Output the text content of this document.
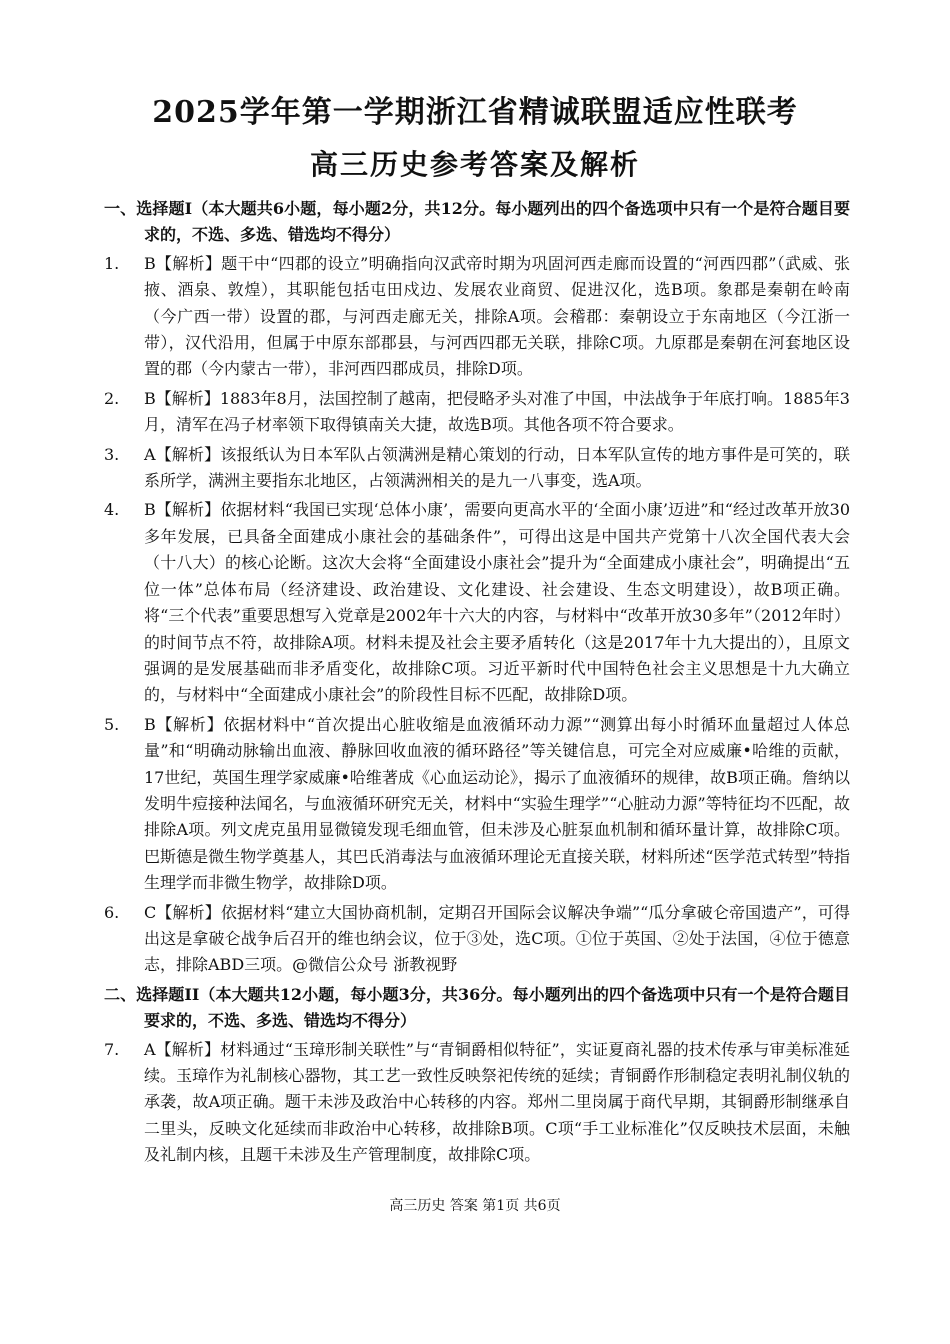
2025学年第一学期浙江省精诚联盟适应性联考
高三历史参考答案及解析
一、选择题I（本大题共6小题，每小题2分，共12分。每小题列出的四个备选项中只有一个是符合题目要求的，不选、多选、错选均不得分）
1.	B【解析】题干中“四郡的设立”明确指向汉武帝时期为巩固河西走廊而设置的“河西四郡”（武威、张掖、酒泉、敦煌），其职能包括屯田戍边、发展农业商贸、促进汉化，选B项。象郡是秦朝在岭南（今广西一带）设置的郡，与河西走廊无关，排除A项。会稽郡：秦朝设立于东南地区（今江浙一带），汉代沿用，但属于中原东部郡县，与河西四郡无关联，排除C项。九原郡是秦朝在河套地区设置的郡（今内蒙古一带），非河西四郡成员，排除D项。
2.	B【解析】1883年8月，法国控制了越南，把侵略矛头对准了中国，中法战争于年底打响。1885年3月，清军在冯子材率领下取得镇南关大捷，故选B项。其他各项不符合要求。
3.	A【解析】该报纸认为日本军队占领满洲是精心策划的行动，日本军队宣传的地方事件是可笑的，联系所学，满洲主要指东北地区，占领满洲相关的是九一八事变，选A项。
4.	B【解析】依据材料“我国已实现‘总体小康’，需要向更高水平的‘全面小康’迈进”和“经过改革开放30多年发展，已具备全面建成小康社会的基础条件”，可得出这是中国共产党第十八次全国代表大会（十八大）的核心论断。这次大会将“全面建设小康社会”提升为“全面建成小康社会”，明确提出“五位一体”总体布局（经济建设、政治建设、文化建设、社会建设、生态文明建设），故B项正确。将“三个代表”重要思想写入党章是2002年十六大的内容，与材料中“改革开放30多年”（2012年时）的时间节点不符，故排除A项。材料未提及社会主要矛盾转化（这是2017年十九大提出的），且原文强调的是发展基础而非矛盾变化，故排除C项。习近平新时代中国特色社会主义思想是十九大确立的，与材料中“全面建成小康社会”的阶段性目标不匹配，故排除D项。
5.	B【解析】依据材料中“首次提出心脏收缩是血液循环动力源”“测算出每小时循环血量超过人体总量”和“明确动脉输出血液、静脉回收血液的循环路径”等关键信息，可完全对应威廉•哈维的贡献，17世纪，英国生理学家威廉•哈维著成《心血运动论》，揭示了血液循环的规律，故B项正确。詹纳以发明牛痘接种法闻名，与血液循环研究无关，材料中“实验生理学”“心脏动力源”等特征均不匹配，故排除A项。列文虎克虽用显微镜发现毛细血管，但未涉及心脏泵血机制和循环量计算，故排除C项。巴斯德是微生物学奠基人，其巴氏消毒法与血液循环理论无直接关联，材料所述“医学范式转型”特指生理学而非微生物学，故排除D项。
6.	C【解析】依据材料“建立大国协商机制，定期召开国际会议解决争端”“瓜分拿破仑帝国遗产”，可得出这是拿破仑战争后召开的维也纳会议，位于③处，选C项。①位于英国、②处于法国，④位于德意志，排除ABD三项。@微信公众号 浙教视野
二、选择题II（本大题共12小题，每小题3分，共36分。每小题列出的四个备选项中只有一个是符合题目要求的，不选、多选、错选均不得分）
7.	A【解析】材料通过“玉璋形制关联性”与“青铜爵相似特征”，实证夏商礼器的技术传承与审美标准延续。玉璋作为礼制核心器物，其工艺一致性反映祭祀传统的延续；青铜爵作形制稳定表明礼制仪轨的承袭，故A项正确。题干未涉及政治中心转移的内容。郑州二里岗属于商代早期，其铜爵形制继承自二里头，反映文化延续而非政治中心转移，故排除B项。C项“手工业标准化”仅反映技术层面，未触及礼制内核，且题干未涉及生产管理制度，故排除C项。
高三历史 答案 第1页 共6页
